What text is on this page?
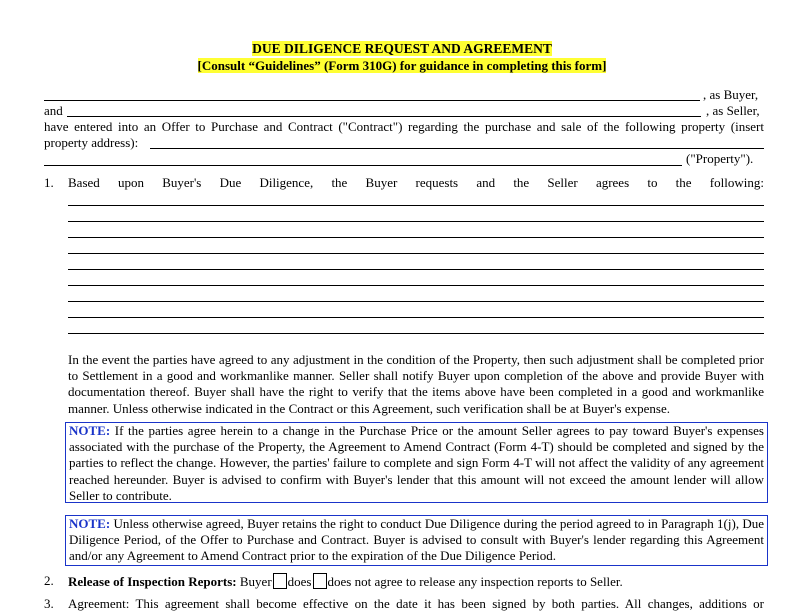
DUE DILIGENCE REQUEST AND AGREEMENT
[Consult “Guidelines” (Form 310G) for guidance in completing this form]
, as Buyer,
and	, as Seller,
have entered into an Offer to Purchase and Contract ("Contract") regarding the purchase and sale of the following property (insert
property address):
("Property").
1. Based upon Buyer's Due Diligence, the Buyer requests and the Seller agrees to the following:
In the event the parties have agreed to any adjustment in the condition of the Property, then such adjustment shall be completed prior to Settlement in a good and workmanlike manner. Seller shall notify Buyer upon completion of the above and provide Buyer with documentation thereof. Buyer shall have the right to verify that the items above have been completed in a good and workmanlike manner. Unless otherwise indicated in the Contract or this Agreement, such verification shall be at Buyer's expense.
NOTE: If the parties agree herein to a change in the Purchase Price or the amount Seller agrees to pay toward Buyer's expenses associated with the purchase of the Property, the Agreement to Amend Contract (Form 4-T) should be completed and signed by the parties to reflect the change. However, the parties' failure to complete and sign Form 4-T will not affect the validity of any agreement reached hereunder. Buyer is advised to confirm with Buyer's lender that this amount will not exceed the amount lender will allow Seller to contribute.
NOTE: Unless otherwise agreed, Buyer retains the right to conduct Due Diligence during the period agreed to in Paragraph 1(j), Due Diligence Period, of the Offer to Purchase and Contract. Buyer is advised to consult with Buyer's lender regarding this Agreement and/or any Agreement to Amend Contract prior to the expiration of the Due Diligence Period.
2. Release of Inspection Reports: Buyer does does not agree to release any inspection reports to Seller.
3. Agreement: This agreement shall become effective on the date it has been signed by both parties. All changes, additions or
